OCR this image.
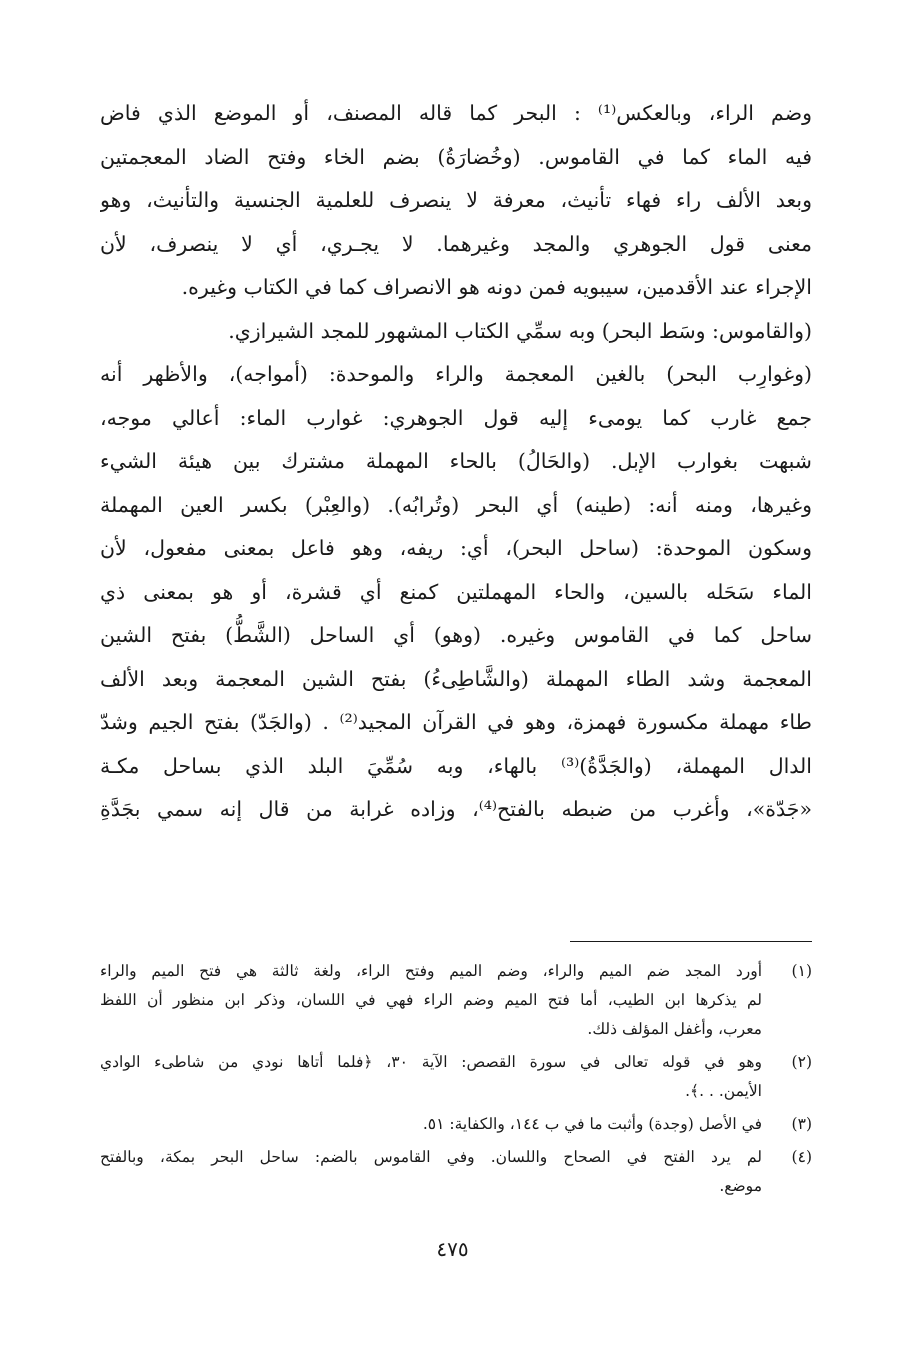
وضم الراء، وبالعكس⁽¹⁾ : البحر كما قاله المصنف، أو الموضع الذي فاض
فيه الماء كما في القاموس. (وخُضارَةُ) بضم الخاء وفتح الضاد المعجمتين
وبعد الألف راء فهاء تأنيث، معرفة لا ينصرف للعلمية الجنسية والتأنيث، وهو
معنى قول الجوهري والمجد وغيرهما. لا يجـري، أي لا ينصرف، لأن
الإجراء عند الأقدمين، سيبويه فمن دونه هو الانصراف كما في الكتاب وغيره.
(والقاموس: وسَط البحر) وبه سمِّي الكتاب المشهور للمجد الشيرازي.
(وغوارِب البحر) بالغين المعجمة والراء والموحدة: (أمواجه)، والأظهر أنه
جمع غارب كما يومىء إليه قول الجوهري: غوارب الماء: أعالي موجه،
شبهت بغوارب الإبل. (والحَالُ) بالحاء المهملة مشترك بين هيئة الشيء
وغيرها، ومنه أنه: (طينه) أي البحر (وتُرابُه). (والعِبْر) بكسر العين المهملة
وسكون الموحدة: (ساحل البحر)، أي: ريفه، وهو فاعل بمعنى مفعول، لأن
الماء سَحَله بالسين، والحاء المهملتين كمنع أي قشرة، أو هو بمعنى ذي
ساحل كما في القاموس وغيره. (وهو) أي الساحل (الشَّطُّ) بفتح الشين
المعجمة وشد الطاء المهملة (والشَّاطِىءُ) بفتح الشين المعجمة وبعد الألف
طاء مهملة مكسورة فهمزة، وهو في القرآن المجيد⁽²⁾ . (والجَدّ) بفتح الجيم وشدّ
الدال المهملة، (والجَدَّةُ)⁽³⁾ بالهاء، وبه سُمِّيَ البلد الذي بساحل مكـة
«جَدّة»، وأغرب من ضبطه بالفتح⁽⁴⁾، وزاده غرابة من قال إنه سمي بجَدَّةِ
(١)
أورد المجد ضم الميم والراء، وضم الميم وفتح الراء، ولغة ثالثة هي فتح الميم والراء
لم يذكرها ابن الطيب، أما فتح الميم وضم الراء فهي في اللسان، وذكر ابن منظور أن اللفظ
معرب، وأغفل المؤلف ذلك.
(٢)
وهو في قوله تعالى في سورة القصص: الآية ٣٠، ﴿فلما أتاها نودي من شاطىء الوادي
الأيمن. . .﴾.
(٣)
في الأصل (وجدة) وأثبت ما في ب ١٤٤، والكفاية: ٥١.
(٤)
لم يرد الفتح في الصحاح واللسان. وفي القاموس بالضم: ساحل البحر بمكة، وبالفتح
موضع.
٤٧٥
